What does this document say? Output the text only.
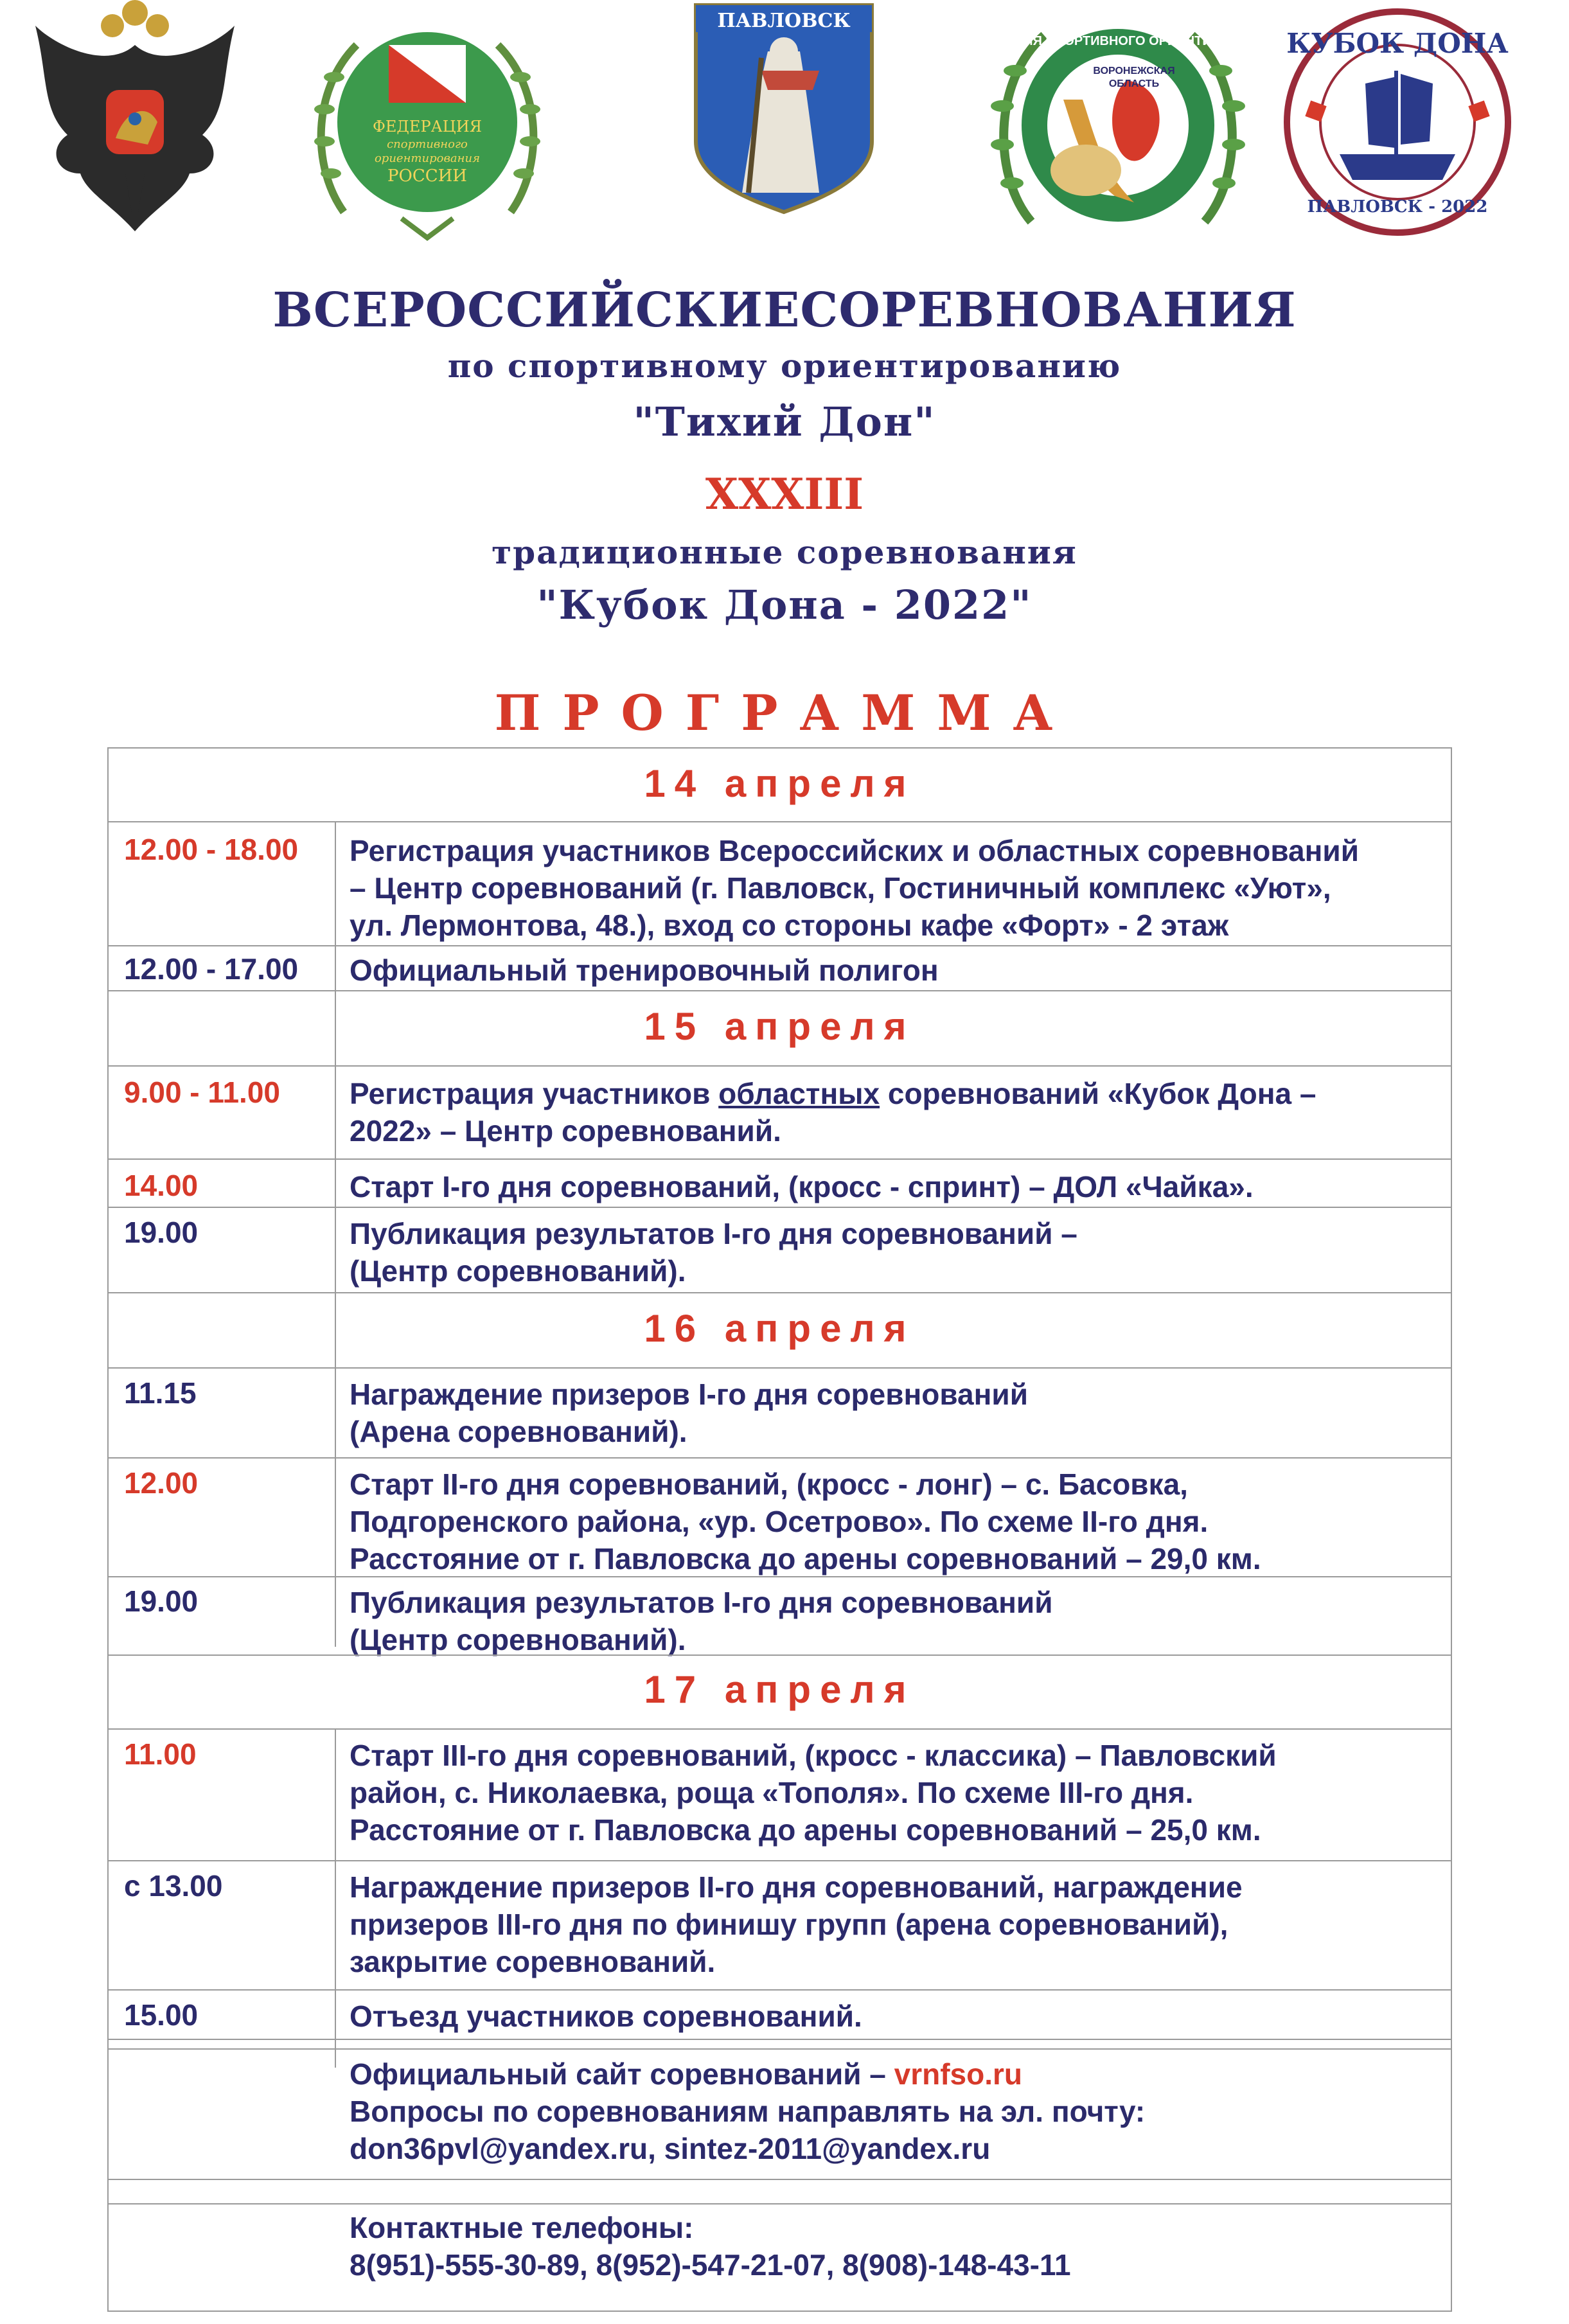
ФЕДЕРАЦИЯ
спортивного
ориентирования
РОССИИ
ПАВЛОВСК
ФЕДЕРАЦИЯ СПОРТИВНОГО ОРИЕНТИРОВАНИЯ
ВОРОНЕЖСКАЯ
ОБЛАСТЬ
КУБОК ДОНА
ПАВЛОВСК - 2022
ВСЕРОССИЙСКИЕСОРЕВНОВАНИЯ
по спортивному ориентированию
"Тихий Дон"
XXXIII
традиционные соревнования
"Кубок Дона - 2022"
ПРОГРАММА
14 апреля
12.00 - 18.00 Регистрация участников Всероссийских и областных соревнований
– Центр соревнований (г. Павловск, Гостиничный комплекс «Уют»,
ул. Лермонтова, 48.), вход со стороны кафе «Форт» - 2 этаж
12.00 - 17.00 Официальный тренировочный полигон
15 апреля
9.00 - 11.00 Регистрация участников областных соревнований «Кубок Дона –
2022» – Центр соревнований.
14.00	Старт I-го дня соревнований, (кросс - спринт) – ДОЛ «Чайка».
19.00	Публикация результатов I-го дня соревнований –
(Центр соревнований).
16 апреля
11.15	Награждение призеров I-го дня соревнований
(Арена соревнований).
12.00	Старт II-го дня соревнований, (кросс - лонг) – с. Басовка,
Подгоренского района, «ур. Осетрово». По схеме II-го дня.
Расстояние от г. Павловска до арены соревнований – 29,0 км.
19.00	Публикация результатов I-го дня соревнований
(Центр соревнований).
17 апреля
11.00	Старт III-го дня соревнований, (кросс - классика) – Павловский
район, с. Николаевка, роща «Тополя». По схеме III-го дня.
Расстояние от г. Павловска до арены соревнований – 25,0 км.
с 13.00	Награждение призеров II-го дня соревнований, награждение
призеров III-го дня по финишу групп (арена соревнований),
закрытие соревнований.
15.00	Отъезд участников соревнований.
Официальный сайт соревнований – vrnfso.ru
Вопросы по соревнованиям направлять на эл. почту:
don36pvl@yandex.ru, sintez-2011@yandex.ru
Контактные телефоны:
8(951)-555-30-89, 8(952)-547-21-07, 8(908)-148-43-11
